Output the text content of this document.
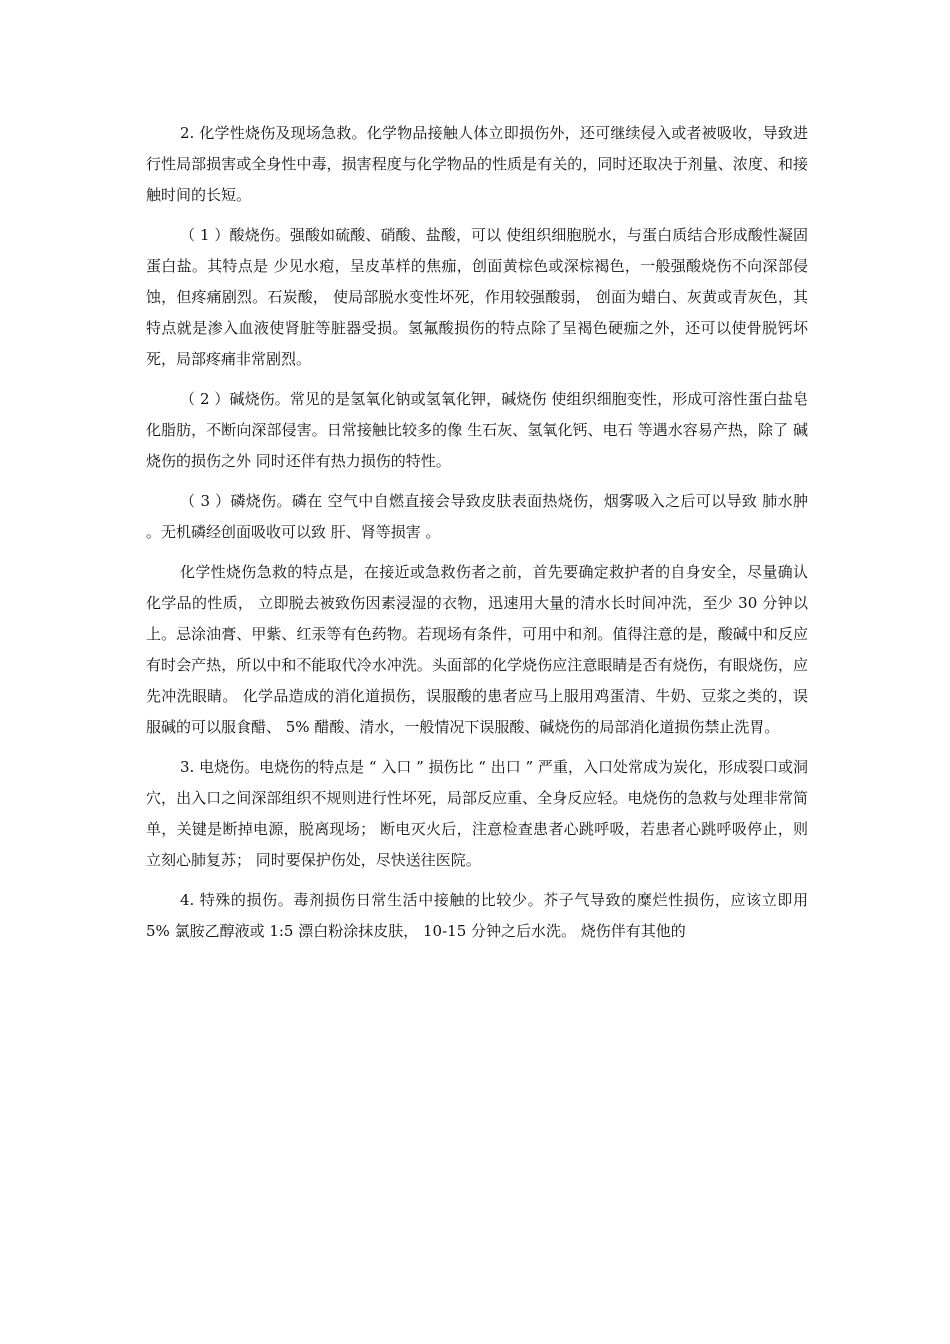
2. 化学性烧伤及现场急救。化学物品接触人体立即损伤外，还可继续侵入或者被吸收，导致进行性局部损害或全身性中毒，损害程度与化学物品的性质是有关的，同时还取决于剂量、浓度、和接触时间的长短。

（ 1 ）酸烧伤。强酸如硫酸、硝酸、盐酸，可以 使组织细胞脱水，与蛋白质结合形成酸性凝固蛋白盐。其特点是 少见水疱，呈皮革样的焦痂，创面黄棕色或深棕褐色，一般强酸烧伤不向深部侵蚀，但疼痛剧烈。石炭酸， 使局部脱水变性坏死，作用较强酸弱， 创面为蜡白、灰黄或青灰色，其特点就是渗入血液使肾脏等脏器受损。氢氟酸损伤的特点除了呈褐色硬痂之外，还可以使骨脱钙坏死，局部疼痛非常剧烈。

（ 2 ）碱烧伤。常见的是氢氧化钠或氢氧化钾，碱烧伤 使组织细胞变性，形成可溶性蛋白盐皂化脂肪，不断向深部侵害。日常接触比较多的像 生石灰、氢氧化钙、电石 等遇水容易产热，除了 碱烧伤的损伤之外 同时还伴有热力损伤的特性。

（ 3 ）磷烧伤。磷在 空气中自燃直接会导致皮肤表面热烧伤，烟雾吸入之后可以导致 肺水肿 。无机磷经创面吸收可以致 肝、肾等损害 。

化学性烧伤急救的特点是，在接近或急救伤者之前，首先要确定救护者的自身安全，尽量确认化学品的性质， 立即脱去被致伤因素浸湿的衣物，迅速用大量的清水长时间冲洗，至少 30 分钟以上。忌涂油膏、甲紫、红汞等有色药物。若现场有条件，可用中和剂。值得注意的是，酸碱中和反应有时会产热，所以中和不能取代冷水冲洗。头面部的化学烧伤应注意眼睛是否有烧伤，有眼烧伤，应先冲洗眼睛。 化学品造成的消化道损伤，误服酸的患者应马上服用鸡蛋清、牛奶、豆浆之类的，误服碱的可以服食醋、 5% 醋酸、清水，一般情况下误服酸、碱烧伤的局部消化道损伤禁止洗胃。

3. 电烧伤。电烧伤的特点是 “ 入口 ” 损伤比 “ 出口 ” 严重，入口处常成为炭化，形成裂口或洞穴，出入口之间深部组织不规则进行性坏死，局部反应重、全身反应轻。电烧伤的急救与处理非常简单，关键是断掉电源，脱离现场； 断电灭火后，注意检查患者心跳呼吸，若患者心跳呼吸停止，则立刻心肺复苏； 同时要保护伤处，尽快送往医院。

4. 特殊的损伤。毒剂损伤日常生活中接触的比较少。芥子气导致的糜烂性损伤，应该立即用 5% 氯胺乙醇液或 1:5 漂白粉涂抹皮肤， 10-15 分钟之后水洗。 烧伤伴有其他的
